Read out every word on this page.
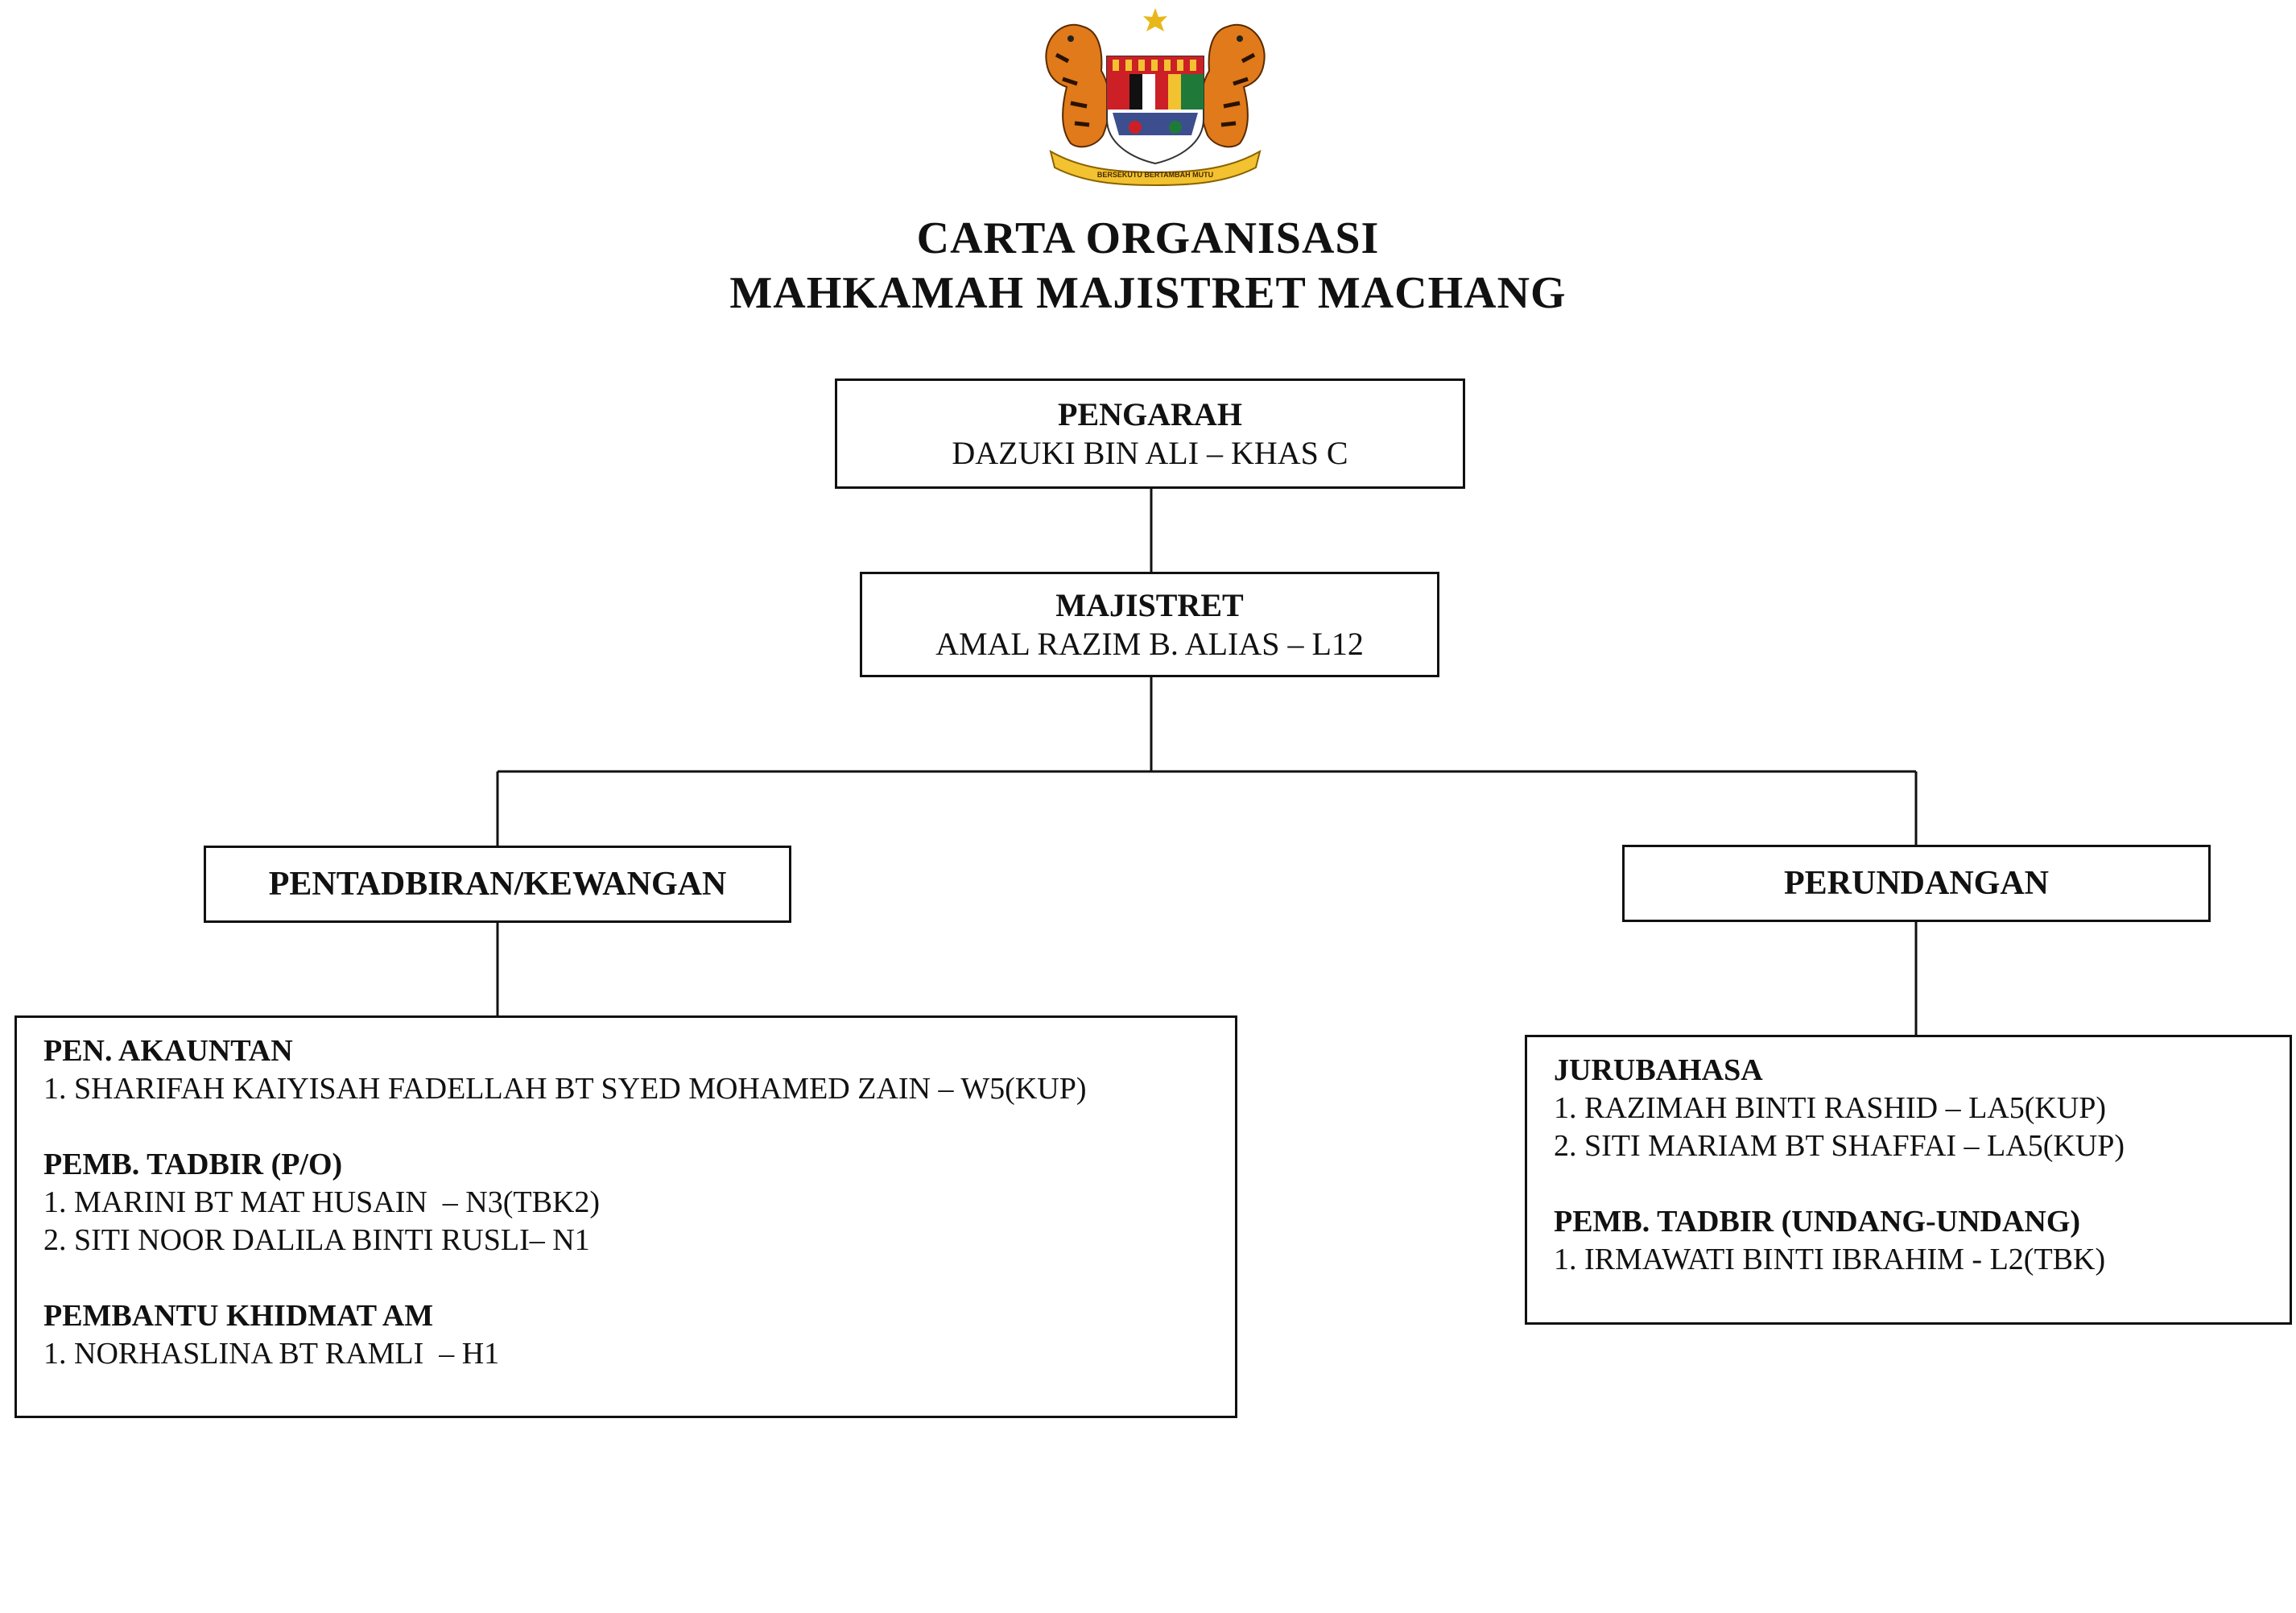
BERSEKUTU BERTAMBAH MUTU
CARTA ORGANISASI
MAHKAMAH MAJISTRET MACHANG
PENGARAH
DAZUKI BIN ALI – KHAS C
MAJISTRET
AMAL RAZIM B. ALIAS – L12
PENTADBIRAN/KEWANGAN	PERUNDANGAN
PEN. AKAUNTAN
1. SHARIFAH KAIYISAH FADELLAH BT SYED MOHAMED ZAIN – W5(KUP)
PEMB. TADBIR (P/O)
1. MARINI BT MAT HUSAIN  – N3(TBK2)
2. SITI NOOR DALILA BINTI RUSLI– N1
PEMBANTU KHIDMAT AM
1. NORHASLINA BT RAMLI  – H1
JURUBAHASA
1. RAZIMAH BINTI RASHID – LA5(KUP)
2. SITI MARIAM BT SHAFFAI – LA5(KUP)
PEMB. TADBIR (UNDANG-UNDANG)
1. IRMAWATI BINTI IBRAHIM - L2(TBK)
